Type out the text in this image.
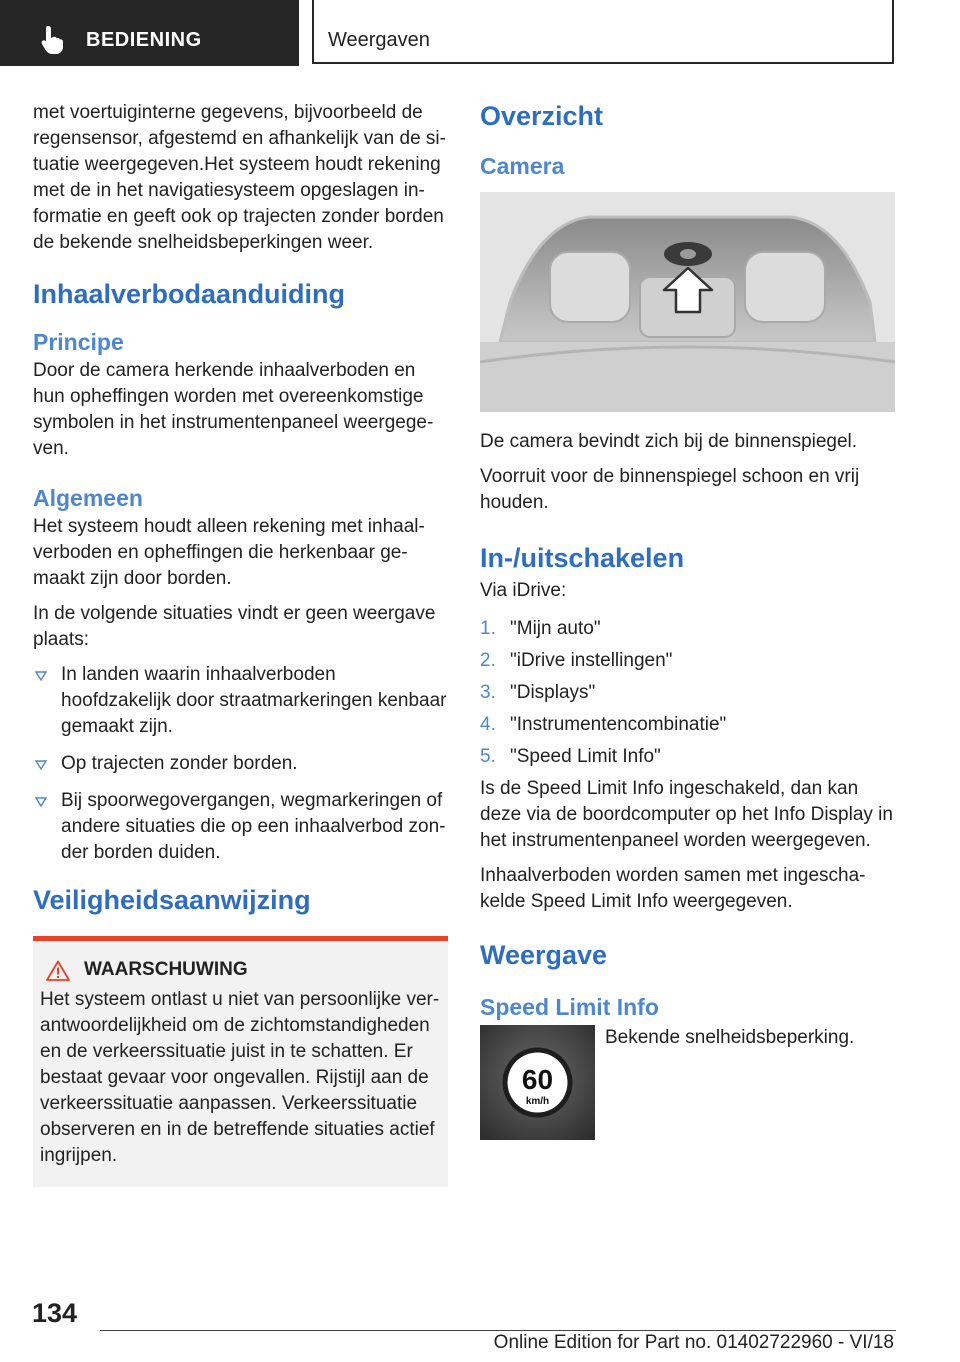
BEDIENING	Weergaven

met voertuiginterne gegevens, bijvoorbeeld de regensensor, afgestemd en afhankelijk van de si- tuatie weergegeven.Het systeem houdt rekening met de in het navigatiesysteem opgeslagen in- formatie en geeft ook op trajecten zonder borden de bekende snelheidsbeperkingen weer.

Inhaalverbodaanduiding
Principe

Door de camera herkende inhaalverboden en hun opheffingen worden met overeenkomstige symbolen in het instrumentenpaneel weergege- ven.

Algemeen

Het systeem houdt alleen rekening met inhaal- verboden en opheffingen die herkenbaar ge- maakt zijn door borden.

In de volgende situaties vindt er geen weergave plaats:

In landen waarin inhaalverboden hoofdzakelijk door straatmarkeringen kenbaar gemaakt zijn.
Op trajecten zonder borden.
Bij spoorwegovergangen, wegmarkeringen of andere situaties die op een inhaalverbod zon- der borden duiden.
Veiligheidsaanwijzing
WAARSCHUWING

Het systeem ontlast u niet van persoonlijke ver- antwoordelijkheid om de zichtomstandigheden en de verkeerssituatie juist in te schatten. Er bestaat gevaar voor ongevallen. Rijstijl aan de verkeerssituatie aanpassen. Verkeerssituatie observeren en in de betreffende situaties actief ingrijpen.

Overzicht
Camera

De camera bevindt zich bij de binnenspiegel.

Voorruit voor de binnenspiegel schoon en vrij houden.

In-/uitschakelen

Via iDrive:

1. "Mijn auto"
2. "iDrive instellingen"
3. "Displays"
4. "Instrumentencombinatie"
5. "Speed Limit Info"

Is de Speed Limit Info ingeschakeld, dan kan deze via de boordcomputer op het Info Display in het instrumentenpaneel worden weergegeven.

Inhaalverboden worden samen met ingescha- kelde Speed Limit Info weergegeven.

Weergave
Speed Limit Info
60
km/h

Bekende snelheidsbeperking.

134
Online Edition for Part no. 01402722960 - VI/18
